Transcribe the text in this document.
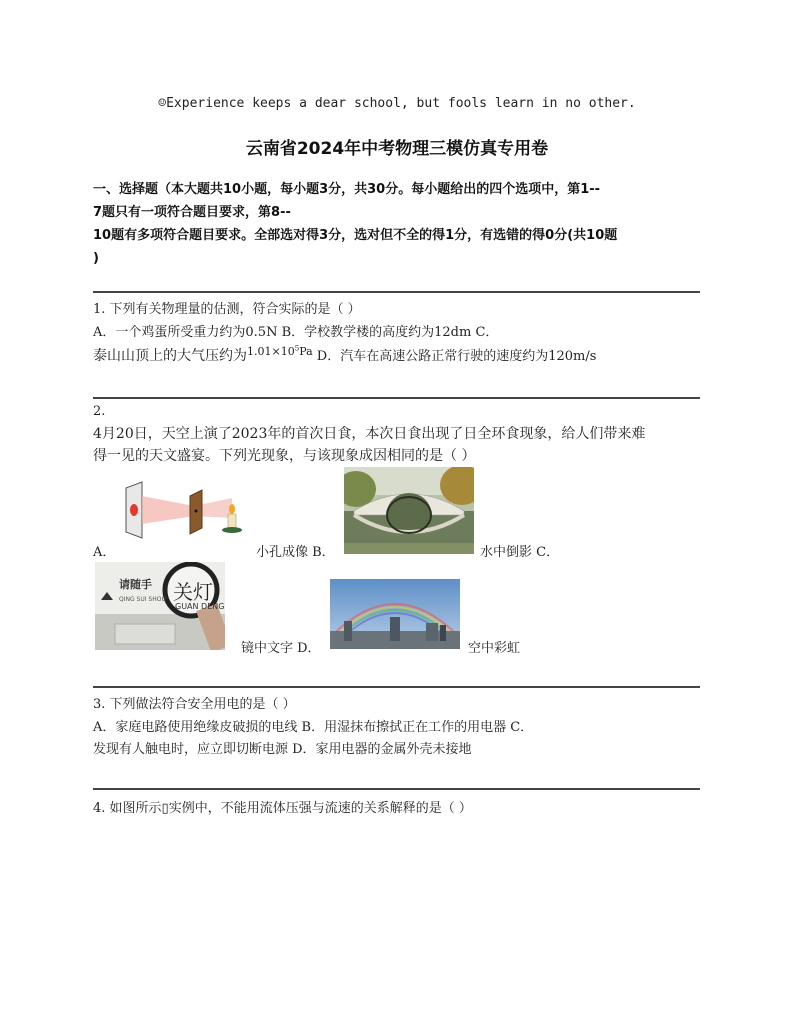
☺Experience keeps a dear school, but fools learn in no other.
云南省2024年中考物理三模仿真专用卷
一、选择题（本大题共10小题，每小题3分，共30分。每小题给出的四个选项中，第1--
7题只有一项符合题目要求，第8--
10题有多项符合题目要求。全部选对得3分，选对但不全的得1分，有选错的得0分(共10题
)
1. 下列有关物理量的估测，符合实际的是（ ）
A．一个鸡蛋所受重力约为0.5N B．学校教学楼的高度约为12dm C．
泰山山顶上的大气压约为$^{1.01\times 10^5Pa}$ D．汽车在高速公路正常行驶的速度约为120m/s
2.
4月20日，天空上演了2023年的首次日食，本次日食出现了日全环食现象，给人们带来难
得一见的天文盛宴。下列光现象，与该现象成因相同的是（ ）
A．	小孔成像 B．	水中倒影 C．
请随手 关灯
QING SUI SHOU
GUAN DENG
镜中文字 D．	空中彩虹
3. 下列做法符合安全用电的是（ ）
A．家庭电路使用绝缘皮破损的电线 B．用湿抹布擦拭正在工作的用电器 C．
发现有人触电时，应立即切断电源 D．家用电器的金属外壳未接地
4. 如图所示▯实例中，不能用流体压强与流速的关系解释的是（ ）
